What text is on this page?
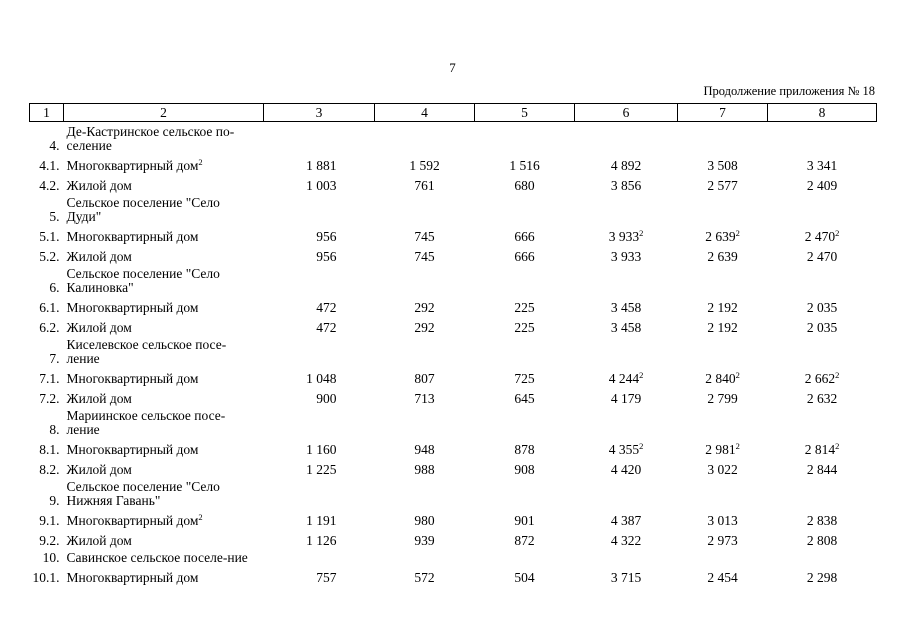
7
Продолжение приложения № 18
1	2	3	4	5	6	7	8
4.	Де-Кастринское сельское по-селение						
4.1.	Многоквартирный дом$^2$	1 881	1 592	1 516	4 892	3 508	3 341
4.2.	Жилой дом	1 003	761	680	3 856	2 577	2 409
5.	Сельское поселение "Село Дуди"						
5.1.	Многоквартирный дом	956	745	666	3 $933^2$	2 $639^2$	2 $470^2$
5.2.	Жилой дом	956	745	666	3 933	2 639	2 470
6.	Сельское поселение "Село Калиновка"						
6.1.	Многоквартирный дом	472	292	225	3 458	2 192	2 035
6.2.	Жилой дом	472	292	225	3 458	2 192	2 035
7.	Киселевское сельское посе-ление						
7.1.	Многоквартирный дом	1 048	807	725	4 $244^2$	2 $840^2$	2 $662^2$
7.2.	Жилой дом	900	713	645	4 179	2 799	2 632
8.	Мариинское сельское посе-ление						
8.1.	Многоквартирный дом	1 160	948	878	4 $355^2$	2 $981^2$	2 $814^2$
8.2.	Жилой дом	1 225	988	908	4 420	3 022	2 844
9.	Сельское поселение "Село Нижняя Гавань"						
9.1.	Многоквартирный дом$^2$	1 191	980	901	4 387	3 013	2 838
9.2.	Жилой дом	1 126	939	872	4 322	2 973	2 808
10.	Савинское сельское поселе-ние						
10.1.	Многоквартирный дом	757	572	504	3 715	2 454	2 298
